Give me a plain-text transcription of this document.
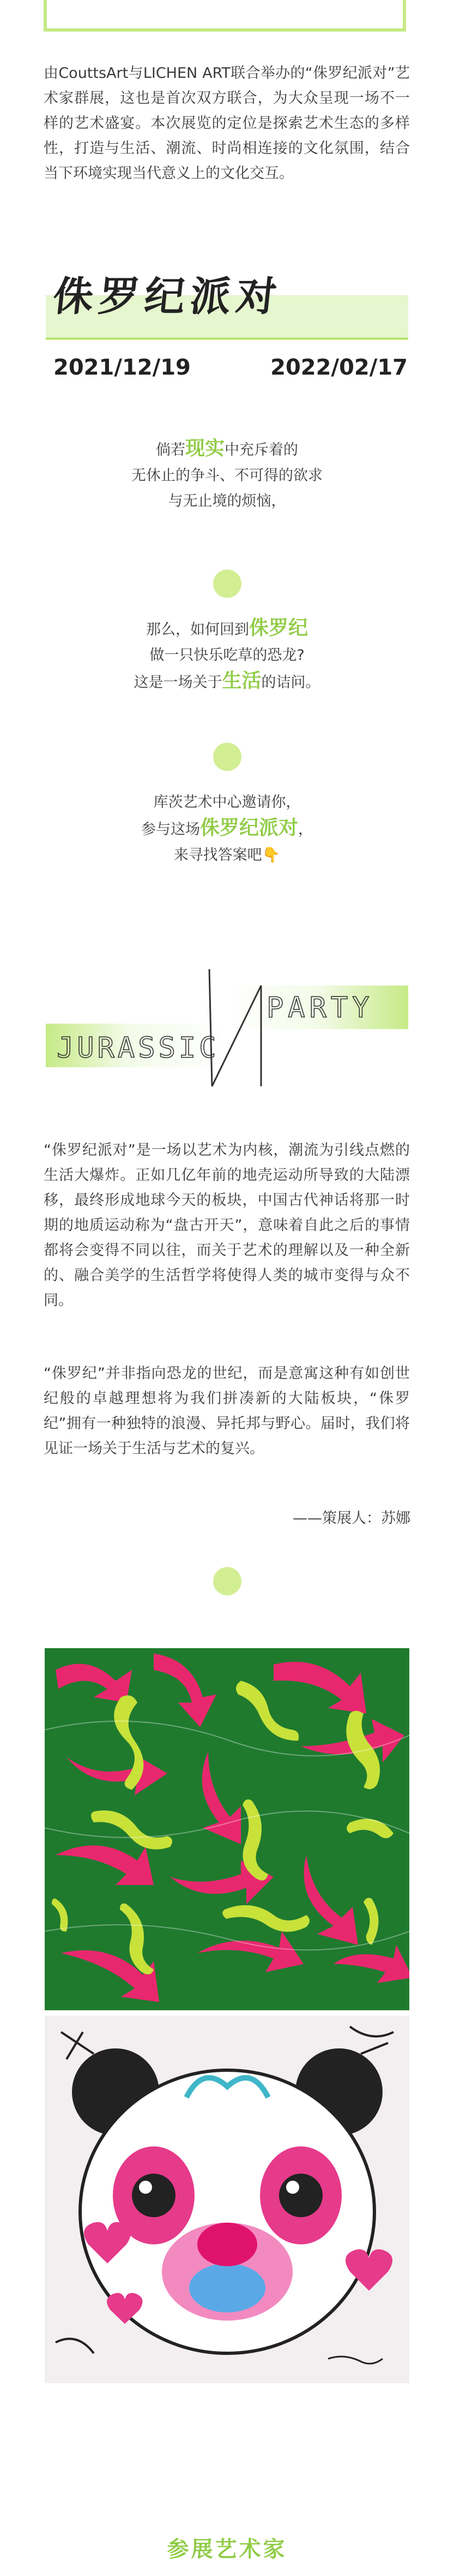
由CouttsArt与LICHEN ART联合举办的“侏罗纪派对”艺术家群展，这也是首次双方联合，为大众呈现一场不一样的艺术盛宴。本次展览的定位是探索艺术生态的多样性，打造与生活、潮流、时尚相连接的文化氛围，结合当下环境实现当代意义上的文化交互。
侏罗纪派对
2021/12/19	2022/02/17
倘若现实中充斥着的
无休止的争斗、不可得的欲求
与无止境的烦恼，
那么，如何回到侏罗纪
做一只快乐吃草的恐龙?
这是一场关于生活的诘问。
库茨艺术中心邀请你，
参与这场侏罗纪派对，
来寻找答案吧👇
JURASSIC
PARTY
“侏罗纪派对”是一场以艺术为内核，潮流为引线点燃的生活大爆炸。正如几亿年前的地壳运动所导致的大陆漂移，最终形成地球今天的板块，中国古代神话将那一时期的地质运动称为“盘古开天”，意味着自此之后的事情都将会变得不同以往，而关于艺术的理解以及一种全新的、融合美学的生活哲学将使得人类的城市变得与众不同。
“侏罗纪”并非指向恐龙的世纪，而是意寓这种有如创世纪般的卓越理想将为我们拼凑新的大陆板块，“侏罗纪”拥有一种独特的浪漫、异托邦与野心。届时，我们将见证一场关于生活与艺术的复兴。
——策展人：苏娜
参展艺术家
